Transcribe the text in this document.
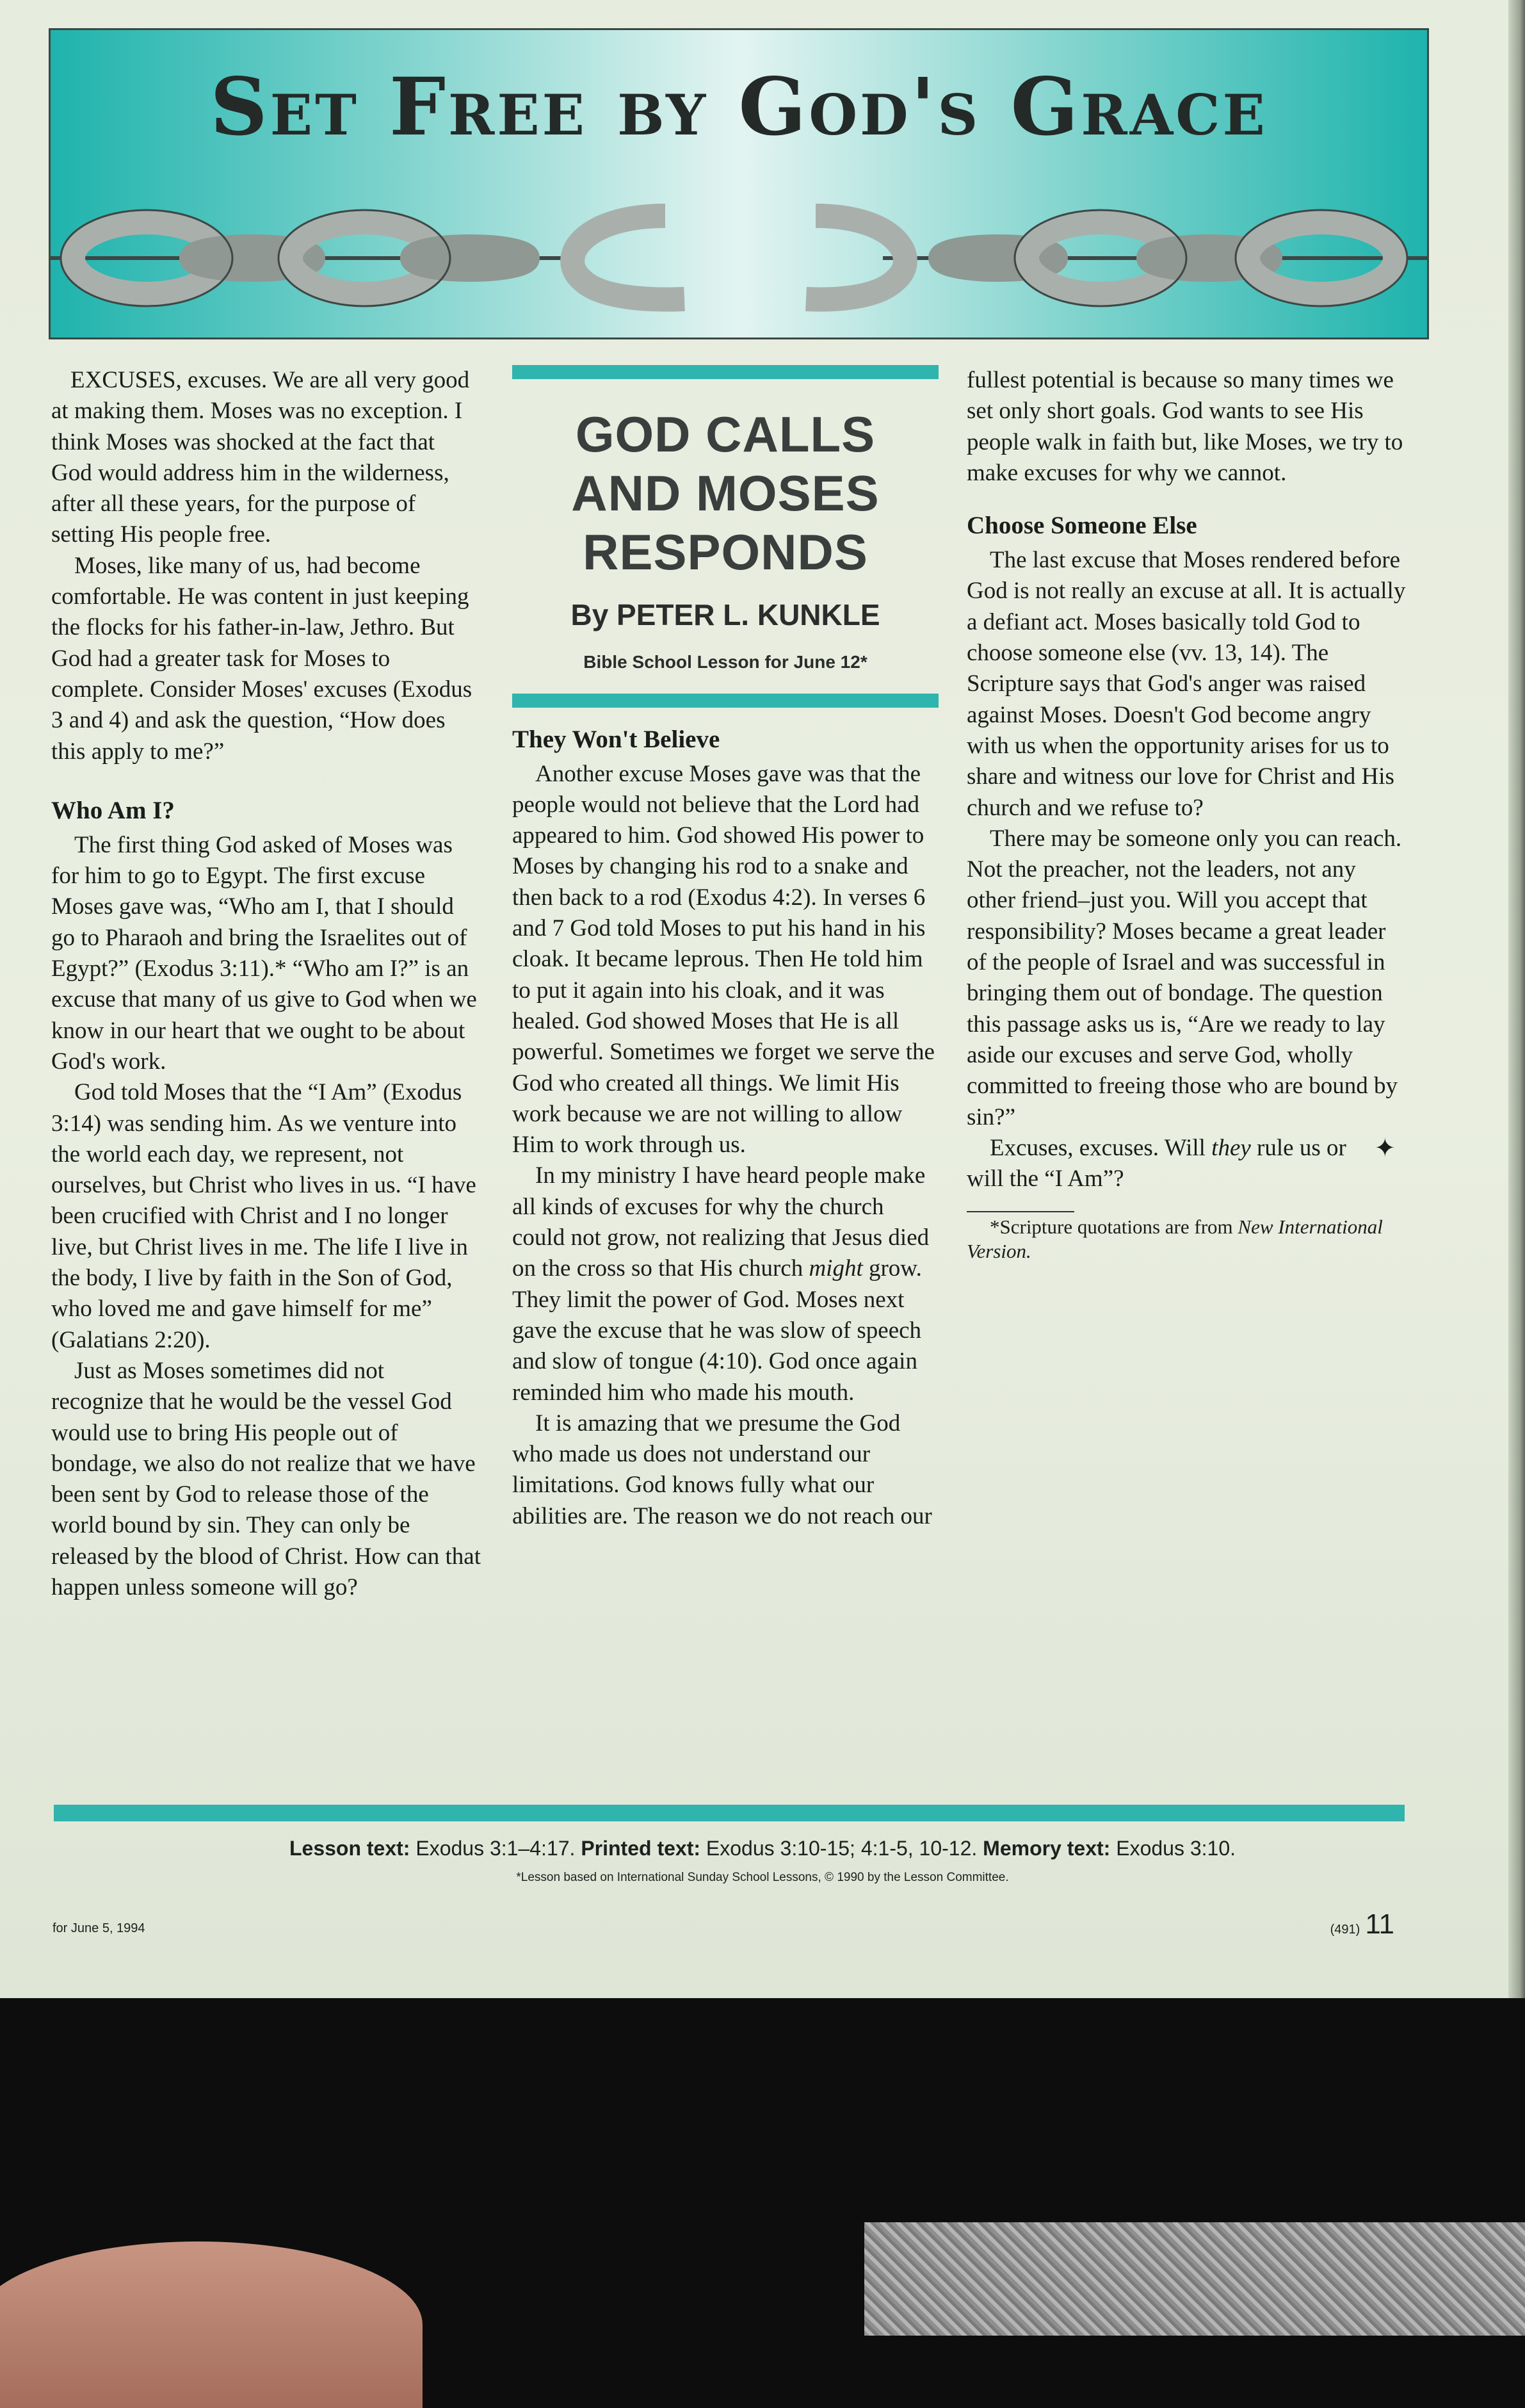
Set Free by God's Grace

EXCUSES, excuses. We are all very good at making them. Moses was no exception. I think Moses was shocked at the fact that God would address him in the wilderness, after all these years, for the purpose of setting His people free.

Moses, like many of us, had become comfortable. He was content in just keeping the flocks for his father-in-law, Jethro. But God had a greater task for Moses to complete. Consider Moses' excuses (Exodus 3 and 4) and ask the question, “How does this apply to me?”

Who Am I?

The first thing God asked of Moses was for him to go to Egypt. The first excuse Moses gave was, “Who am I, that I should go to Pharaoh and bring the Israelites out of Egypt?” (Exodus 3:11).* “Who am I?” is an excuse that many of us give to God when we know in our heart that we ought to be about God's work.

God told Moses that the “I Am” (Exodus 3:14) was sending him. As we venture into the world each day, we represent, not ourselves, but Christ who lives in us. “I have been crucified with Christ and I no longer live, but Christ lives in me. The life I live in the body, I live by faith in the Son of God, who loved me and gave himself for me” (Galatians 2:20).

Just as Moses sometimes did not recognize that he would be the vessel God would use to bring His people out of bondage, we also do not realize that we have been sent by God to release those of the world bound by sin. They can only be released by the blood of Christ. How can that happen unless someone will go?

GOD CALLS
AND MOSES
RESPONDS
By PETER L. KUNKLE
Bible School Lesson for June 12*
They Won't Believe

Another excuse Moses gave was that the people would not believe that the Lord had appeared to him. God showed His power to Moses by changing his rod to a snake and then back to a rod (Exodus 4:2). In verses 6 and 7 God told Moses to put his hand in his cloak. It became leprous. Then He told him to put it again into his cloak, and it was healed. God showed Moses that He is all powerful. Sometimes we forget we serve the God who created all things. We limit His work because we are not willing to allow Him to work through us.

In my ministry I have heard people make all kinds of excuses for why the church could not grow, not realizing that Jesus died on the cross so that His church might grow. They limit the power of God. Moses next gave the excuse that he was slow of speech and slow of tongue (4:10). God once again reminded him who made his mouth.

It is amazing that we presume the God who made us does not understand our limitations. God knows fully what our abilities are. The reason we do not reach our

fullest potential is because so many times we set only short goals. God wants to see His people walk in faith but, like Moses, we try to make excuses for why we cannot.

Choose Someone Else

The last excuse that Moses rendered before God is not really an excuse at all. It is actually a defiant act. Moses basically told God to choose someone else (vv. 13, 14). The Scripture says that God's anger was raised against Moses. Doesn't God become angry with us when the opportunity arises for us to share and witness our love for Christ and His church and we refuse to?

There may be someone only you can reach. Not the preacher, not the leaders, not any other friend–just you. Will you accept that responsibility? Moses became a great leader of the people of Israel and was successful in bringing them out of bondage. The question this passage asks us is, “Are we ready to lay aside our excuses and serve God, wholly committed to freeing those who are bound by sin?”

✦
Excuses, excuses. Will they rule us or will the “I Am”?

*Scripture quotations are from New International Version.

Lesson text: Exodus 3:1–4:17. Printed text: Exodus 3:10-15; 4:1-5, 10-12. Memory text: Exodus 3:10.
*Lesson based on International Sunday School Lessons, © 1990 by the Lesson Committee.
for June 5, 1994	(491) 11
